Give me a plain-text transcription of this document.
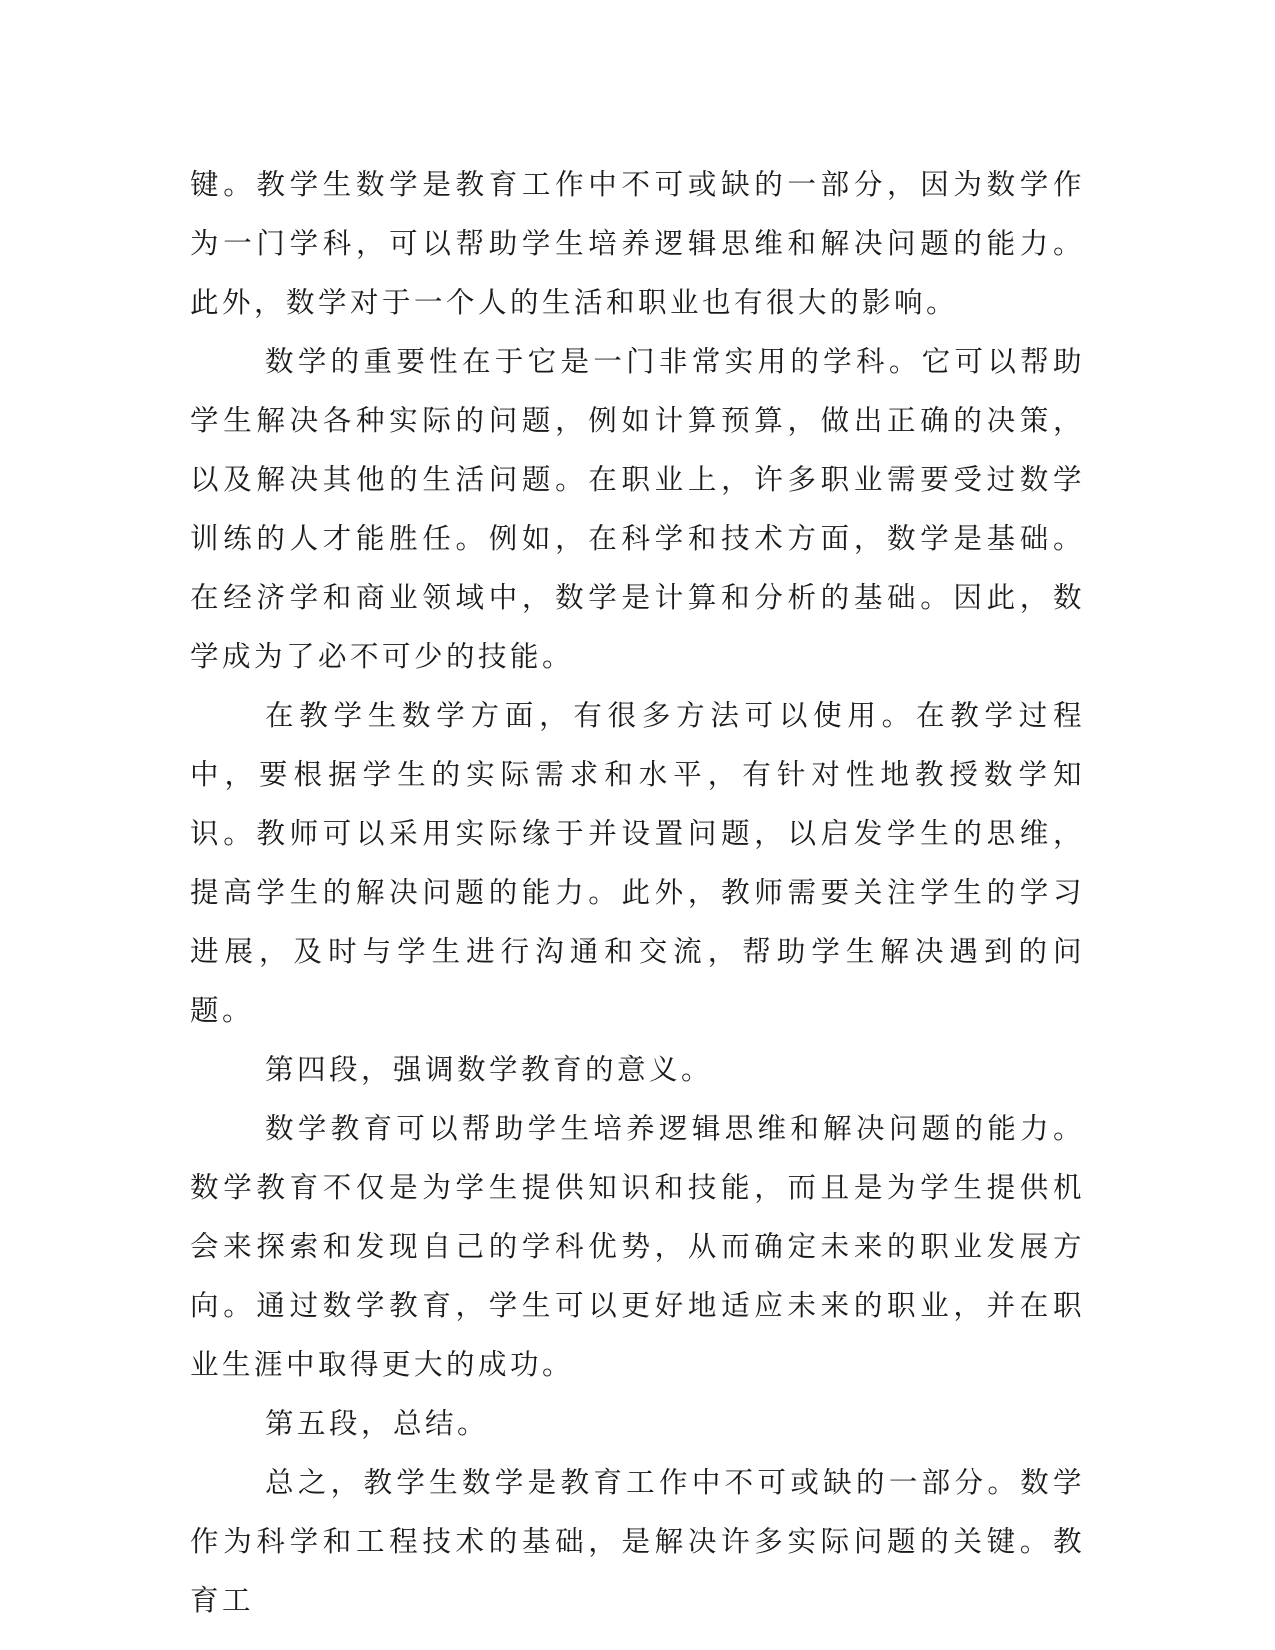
键。教学生数学是教育工作中不可或缺的一部分，因为数学作为一门学科，可以帮助学生培养逻辑思维和解决问题的能力。此外，数学对于一个人的生活和职业也有很大的影响。

数学的重要性在于它是一门非常实用的学科。它可以帮助学生解决各种实际的问题，例如计算预算，做出正确的决策，以及解决其他的生活问题。在职业上，许多职业需要受过数学训练的人才能胜任。例如，在科学和技术方面，数学是基础。在经济学和商业领域中，数学是计算和分析的基础。因此，数学成为了必不可少的技能。

在教学生数学方面，有很多方法可以使用。在教学过程中，要根据学生的实际需求和水平，有针对性地教授数学知识。教师可以采用实际缘于并设置问题，以启发学生的思维，提高学生的解决问题的能力。此外，教师需要关注学生的学习进展，及时与学生进行沟通和交流，帮助学生解决遇到的问题。

第四段，强调数学教育的意义。

数学教育可以帮助学生培养逻辑思维和解决问题的能力。数学教育不仅是为学生提供知识和技能，而且是为学生提供机会来探索和发现自己的学科优势，从而确定未来的职业发展方向。通过数学教育，学生可以更好地适应未来的职业，并在职业生涯中取得更大的成功。

第五段，总结。

总之，教学生数学是教育工作中不可或缺的一部分。数学作为科学和工程技术的基础，是解决许多实际问题的关键。教育工
